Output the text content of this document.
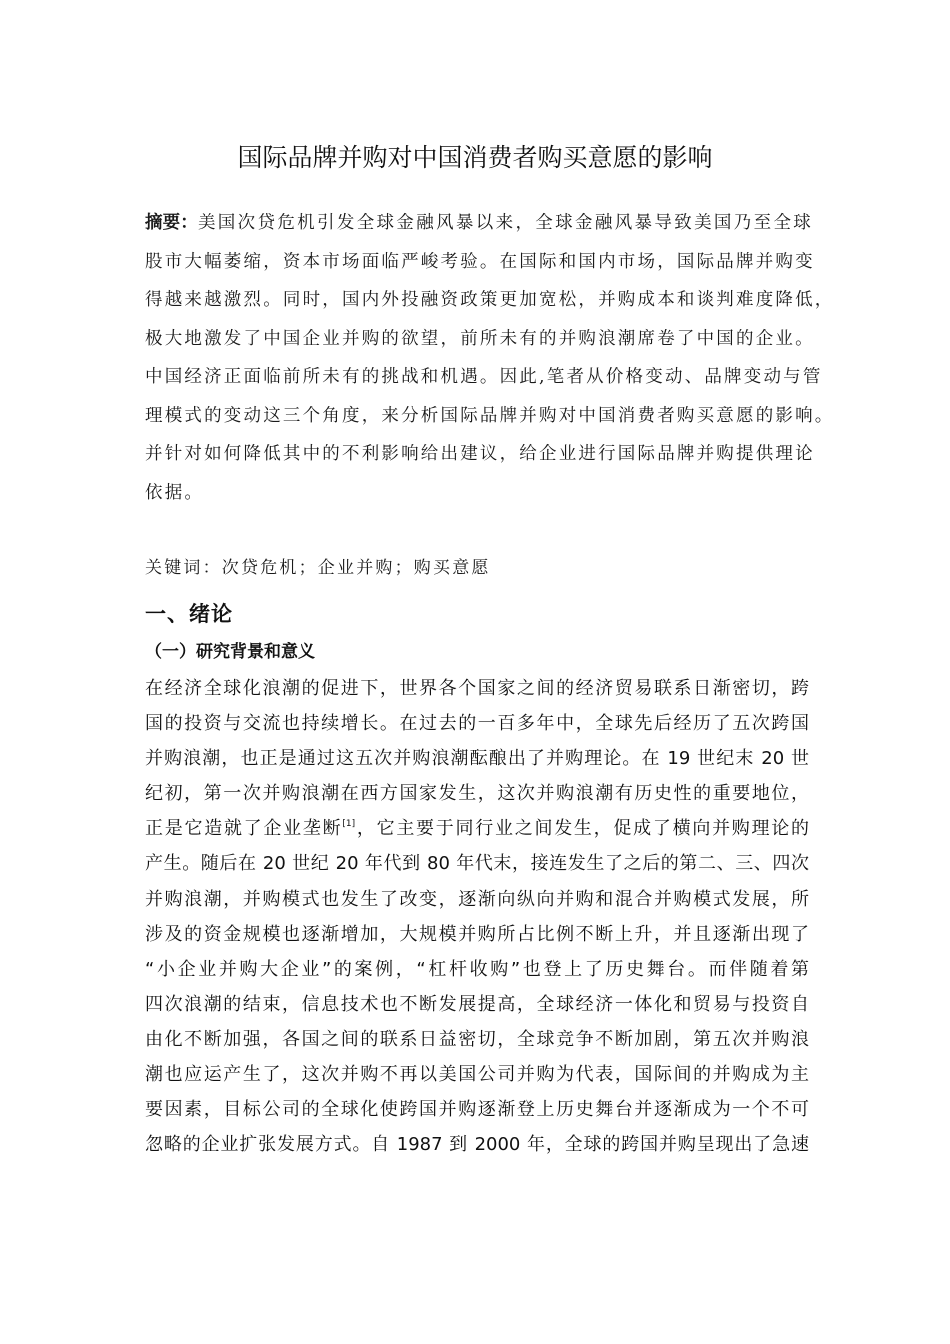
国际品牌并购对中国消费者购买意愿的影响
摘要：美国次贷危机引发全球金融风暴以来，全球金融风暴导致美国乃至全球
股市大幅萎缩，资本市场面临严峻考验。在国际和国内市场，国际品牌并购变
得越来越激烈。同时，国内外投融资政策更加宽松，并购成本和谈判难度降低，
极大地激发了中国企业并购的欲望，前所未有的并购浪潮席卷了中国的企业。
中国经济正面临前所未有的挑战和机遇。因此,笔者从价格变动、品牌变动与管
理模式的变动这三个角度，来分析国际品牌并购对中国消费者购买意愿的影响。
并针对如何降低其中的不利影响给出建议，给企业进行国际品牌并购提供理论
依据。
关键词：次贷危机；企业并购；购买意愿
一、绪论
（一）研究背景和意义
在经济全球化浪潮的促进下，世界各个国家之间的经济贸易联系日渐密切，跨
国的投资与交流也持续增长。在过去的一百多年中，全球先后经历了五次跨国
并购浪潮，也正是通过这五次并购浪潮酝酿出了并购理论。在 19 世纪末 20 世
纪初，第一次并购浪潮在西方国家发生，这次并购浪潮有历史性的重要地位，
正是它造就了企业垄断[1]，它主要于同行业之间发生，促成了横向并购理论的
产生。随后在 20 世纪 20 年代到 80 年代末，接连发生了之后的第二、三、四次
并购浪潮，并购模式也发生了改变，逐渐向纵向并购和混合并购模式发展，所
涉及的资金规模也逐渐增加，大规模并购所占比例不断上升，并且逐渐出现了
“小企业并购大企业”的案例，“杠杆收购”也登上了历史舞台。而伴随着第
四次浪潮的结束，信息技术也不断发展提高，全球经济一体化和贸易与投资自
由化不断加强，各国之间的联系日益密切，全球竞争不断加剧，第五次并购浪
潮也应运产生了，这次并购不再以美国公司并购为代表，国际间的并购成为主
要因素，目标公司的全球化使跨国并购逐渐登上历史舞台并逐渐成为一个不可
忽略的企业扩张发展方式。自 1987 到 2000 年，全球的跨国并购呈现出了急速
